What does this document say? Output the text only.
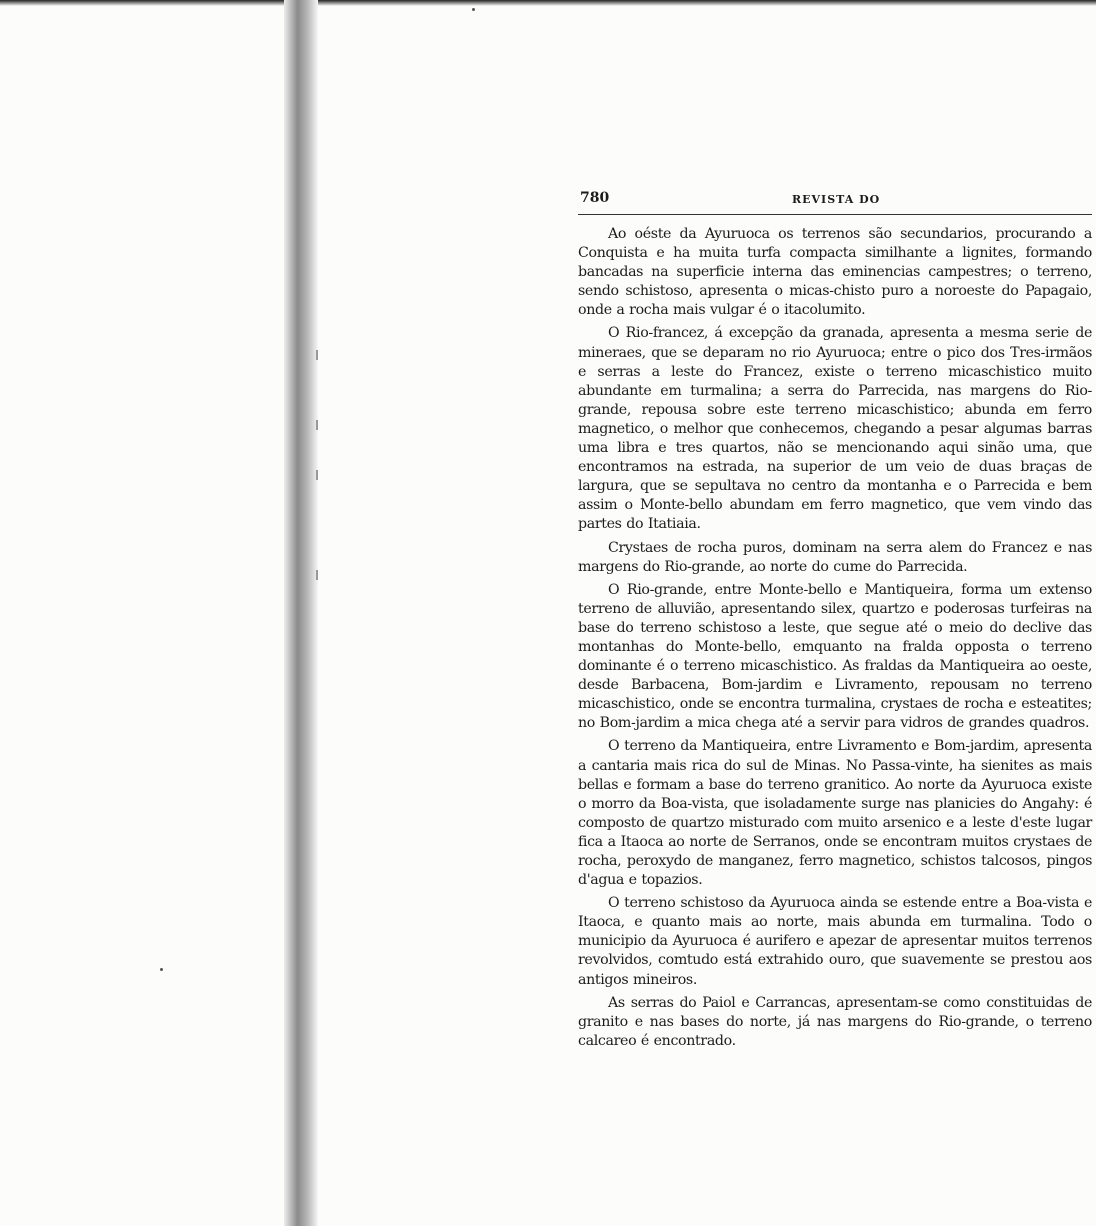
780	REVISTA DO

Ao oéste da Ayuruoca os terrenos são secundarios, procurando a Conquista e ha muita turfa compacta similhante a lignites, formando bancadas na superficie interna das eminencias campestres; o terreno, sendo schistoso, apresenta o micas-chisto puro a noroeste do Papagaio, onde a rocha mais vulgar é o itacolumito.

O Rio-francez, á excepção da granada, apresenta a mesma serie de mineraes, que se deparam no rio Ayuruoca; entre o pico dos Tres-irmãos e serras a leste do Francez, existe o terreno micaschistico muito abundante em turmalina; a serra do Parrecida, nas margens do Rio-grande, repousa sobre este terreno micaschistico; abunda em ferro magnetico, o melhor que conhecemos, chegando a pesar algumas barras uma libra e tres quartos, não se mencionando aqui sinão uma, que encontramos na estrada, na superior de um veio de duas braças de largura, que se sepultava no centro da montanha e o Parrecida e bem assim o Monte-bello abundam em ferro magnetico, que vem vindo das partes do Itatiaia.

Crystaes de rocha puros, dominam na serra alem do Francez e nas margens do Rio-grande, ao norte do cume do Parrecida.

O Rio-grande, entre Monte-bello e Mantiqueira, forma um extenso terreno de alluvião, apresentando silex, quartzo e poderosas turfeiras na base do terreno schistoso a leste, que segue até o meio do declive das montanhas do Monte-bello, emquanto na fralda opposta o terreno dominante é o terreno micaschistico. As fraldas da Mantiqueira ao oeste, desde Barbacena, Bom-jardim e Livramento, repousam no terreno micaschistico, onde se encontra turmalina, crystaes de rocha e esteatites; no Bom-jardim a mica chega até a servir para vidros de grandes quadros.

O terreno da Mantiqueira, entre Livramento e Bom-jardim, apresenta a cantaria mais rica do sul de Minas. No Passa-vinte, ha sienites as mais bellas e formam a base do terreno granitico. Ao norte da Ayuruoca existe o morro da Boa-vista, que isoladamente surge nas planicies do Angahy: é composto de quartzo misturado com muito arsenico e a leste d'este lugar fica a Itaoca ao norte de Serranos, onde se encontram muitos crystaes de rocha, peroxydo de manganez, ferro magnetico, schistos talcosos, pingos d'agua e topazios.

O terreno schistoso da Ayuruoca ainda se estende entre a Boa-vista e Itaoca, e quanto mais ao norte, mais abunda em turmalina. Todo o municipio da Ayuruoca é aurifero e apezar de apresentar muitos terrenos revolvidos, comtudo está extrahido ouro, que suavemente se prestou aos antigos mineiros.

As serras do Paiol e Carrancas, apresentam-se como constituidas de granito e nas bases do norte, já nas margens do Rio-grande, o terreno calcareo é encontrado.
